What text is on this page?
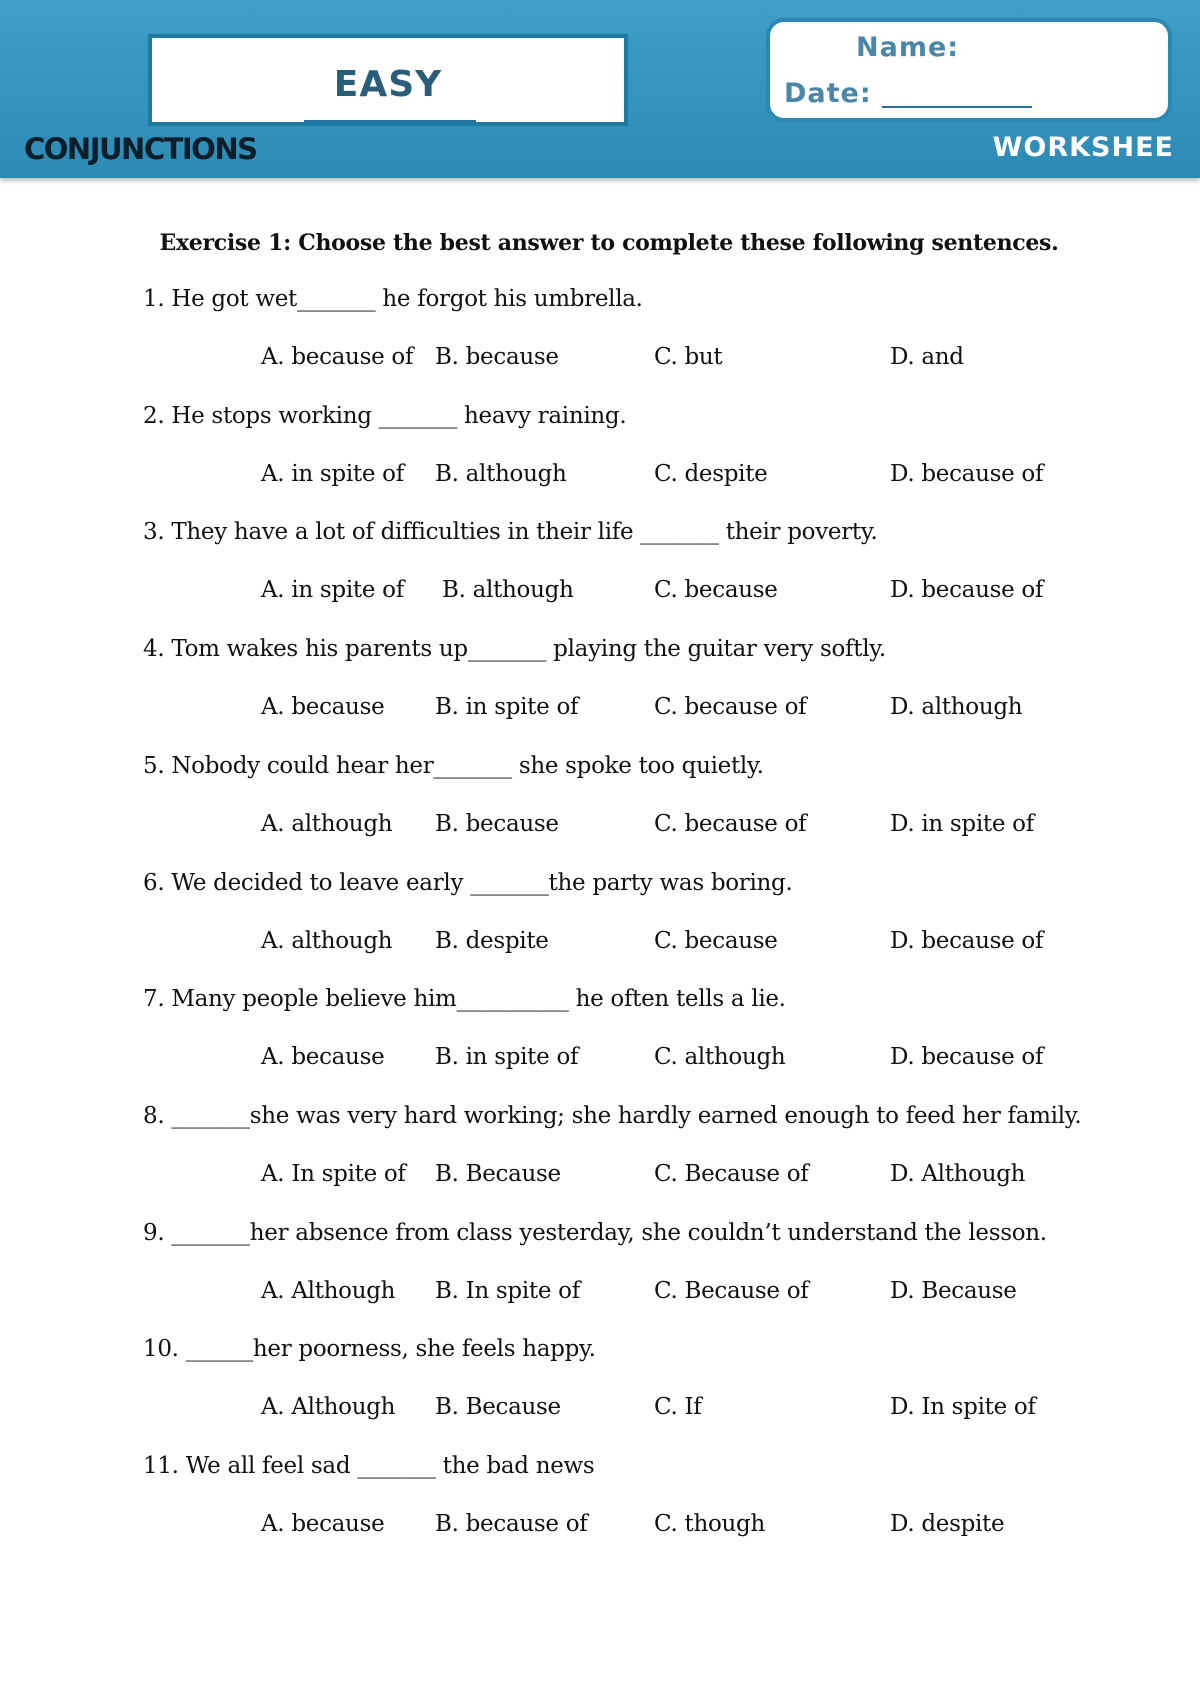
EASY
Name:
Date:
CONJUNCTIONS	WORKSHEE
Exercise 1: Choose the best answer to complete these following sentences.
1. He got wet_______ he forgot his umbrella.
A. because of B. because	C. but	D. and
2. He stops working _______ heavy raining.
A. in spite of B. although	C. despite	D. because of
3. They have a lot of difficulties in their life _______ their poverty.
A. in spite of B. although	C. because	D. because of
4. Tom wakes his parents up_______ playing the guitar very softly.
A. because B. in spite of	C. because of	D. although
5. Nobody could hear her_______ she spoke too quietly.
A. although B. because	C. because of	D. in spite of
6. We decided to leave early _______the party was boring.
A. although B. despite	C. because	D. because of
7. Many people believe him__________ he often tells a lie.
A. because B. in spite of	C. although	D. because of
8. _______she was very hard working; she hardly earned enough to feed her family.
A. In spite of B. Because	C. Because of	D. Although
9. _______her absence from class yesterday, she couldn’t understand the lesson.
A. Although B. In spite of	C. Because of	D. Because
10. ______her poorness, she feels happy.
A. Although B. Because	C. If	D. In spite of
11. We all feel sad _______ the bad news
A. because B. because of	C. though	D. despite
